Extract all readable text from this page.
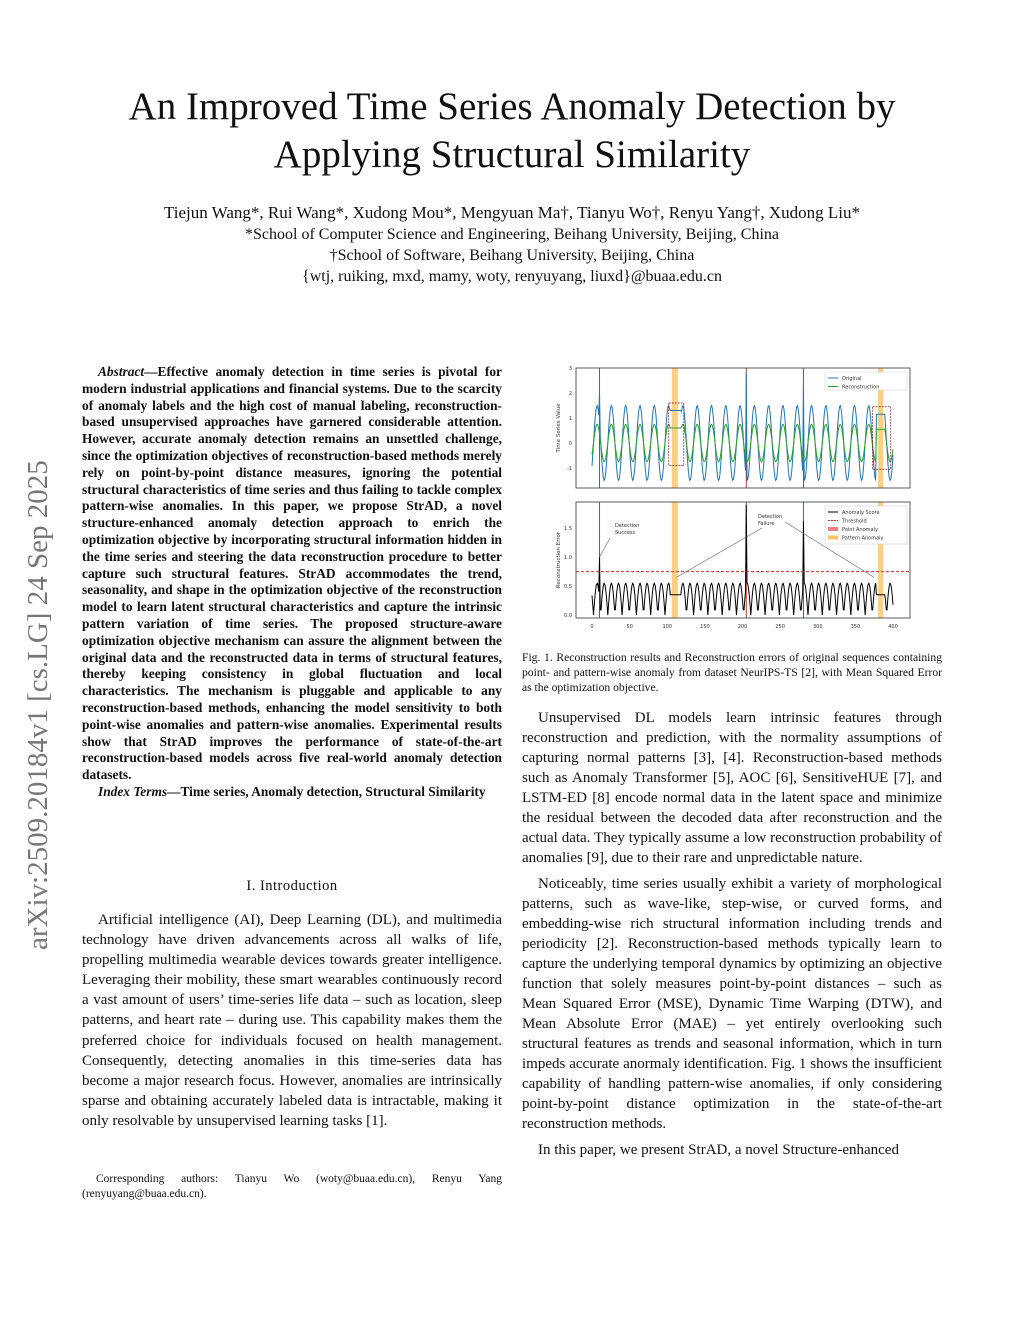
An Improved Time Series Anomaly Detection by
Applying Structural Similarity
Tiejun Wang*, Rui Wang*, Xudong Mou*, Mengyuan Ma†, Tianyu Wo†, Renyu Yang†, Xudong Liu*
*School of Computer Science and Engineering, Beihang University, Beijing, China
†School of Software, Beihang University, Beijing, China
{wtj, ruiking, mxd, mamy, woty, renyuyang, liuxd}@buaa.edu.cn
arXiv:2509.20184v1 [cs.LG] 24 Sep 2025

Abstract—Effective anomaly detection in time series is pivotal for modern industrial applications and financial systems. Due to the scarcity of anomaly labels and the high cost of manual labeling, reconstruction-based unsupervised approaches have garnered considerable attention. However, accurate anomaly detection remains an unsettled challenge, since the optimization objectives of reconstruction-based methods merely rely on point-by-point distance measures, ignoring the potential structural characteristics of time series and thus failing to tackle complex pattern-wise anomalies. In this paper, we propose StrAD, a novel structure-enhanced anomaly detection approach to enrich the optimization objective by incorporating structural information hidden in the time series and steering the data reconstruction procedure to better capture such structural features. StrAD accommodates the trend, seasonality, and shape in the optimization objective of the reconstruction model to learn latent structural characteristics and capture the intrinsic pattern variation of time series. The proposed structure-aware optimization objective mechanism can assure the alignment between the original data and the reconstructed data in terms of structural features, thereby keeping consistency in global fluctuation and local characteristics. The mechanism is pluggable and applicable to any reconstruction-based methods, enhancing the model sensitivity to both point-wise anomalies and pattern-wise anomalies. Experimental results show that StrAD improves the performance of state-of-the-art reconstruction-based models across five real-world anomaly detection datasets.

Index Terms—Time series, Anomaly detection, Structural Similarity

I. Introduction

Artificial intelligence (AI), Deep Learning (DL), and multimedia technology have driven advancements across all walks of life, propelling multimedia wearable devices towards greater intelligence. Leveraging their mobility, these smart wearables continuously record a vast amount of users’ time-series life data – such as location, sleep patterns, and heart rate – during use. This capability makes them the preferred choice for individuals focused on health management. Consequently, detecting anomalies in this time-series data has become a major research focus. However, anomalies are intrinsically sparse and obtaining accurately labeled data is intractable, making it only resolvable by unsupervised learning tasks [1].

Corresponding authors: Tianyu Wo (woty@buaa.edu.cn), Renyu Yang (renyuyang@buaa.edu.cn).
-1
0
1
2
3
Time Series Value
Original
Reconstruction
0.0
0.5
1.0
1.5
Reconstruction Error
Detection
Success
Detection
Failure
0	50	100	150	200	250	300	350	400
Anomaly Score
Threshold
Point Anomaly
Pattern Anomaly
Fig. 1. Reconstruction results and Reconstruction errors of original sequences containing point- and pattern-wise anomaly from dataset NeurIPS-TS [2], with Mean Squared Error as the optimization objective.

Unsupervised DL models learn intrinsic features through reconstruction and prediction, with the normality assumptions of capturing normal patterns [3], [4]. Reconstruction-based methods such as Anomaly Transformer [5], AOC [6], SensitiveHUE [7], and LSTM-ED [8] encode normal data in the latent space and minimize the residual between the decoded data after reconstruction and the actual data. They typically assume a low reconstruction probability of anomalies [9], due to their rare and unpredictable nature.

Noticeably, time series usually exhibit a variety of morphological patterns, such as wave-like, step-wise, or curved forms, and embedding-wise rich structural information including trends and periodicity [2]. Reconstruction-based methods typically learn to capture the underlying temporal dynamics by optimizing an objective function that solely measures point-by-point distances – such as Mean Squared Error (MSE), Dynamic Time Warping (DTW), and Mean Absolute Error (MAE) – yet entirely overlooking such structural features as trends and seasonal information, which in turn impeds accurate anormaly identification. Fig. 1 shows the insufficient capability of handling pattern-wise anomalies, if only considering point-by-point distance optimization in the state-of-the-art reconstruction methods.

In this paper, we present StrAD, a novel Structure-enhanced
